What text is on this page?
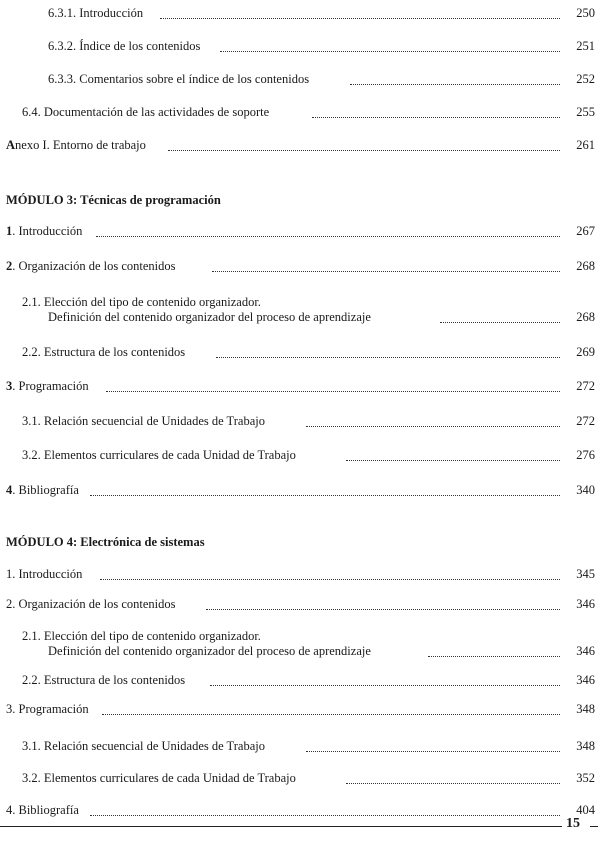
6.3.1. Introducción	250
6.3.2. Índice de los contenidos	251
6.3.3. Comentarios sobre el índice de los contenidos	252
6.4. Documentación de las actividades de soporte	255
Anexo I. Entorno de trabajo	261
MÓDULO 3: Técnicas de programación
1. Introducción	267
2. Organización de los contenidos	268
2.1. Elección del tipo de contenido organizador.
Definición del contenido organizador del proceso de aprendizaje	268
2.2. Estructura de los contenidos	269
3. Programación	272
3.1. Relación secuencial de Unidades de Trabajo	272
3.2. Elementos curriculares de cada Unidad de Trabajo	276
4. Bibliografía	340
MÓDULO 4: Electrónica de sistemas
1. Introducción	345
2. Organización de los contenidos	346
2.1. Elección del tipo de contenido organizador.
Definición del contenido organizador del proceso de aprendizaje	346
2.2. Estructura de los contenidos	346
3. Programación	348
3.1. Relación secuencial de Unidades de Trabajo	348
3.2. Elementos curriculares de cada Unidad de Trabajo	352
4. Bibliografía	404
15
